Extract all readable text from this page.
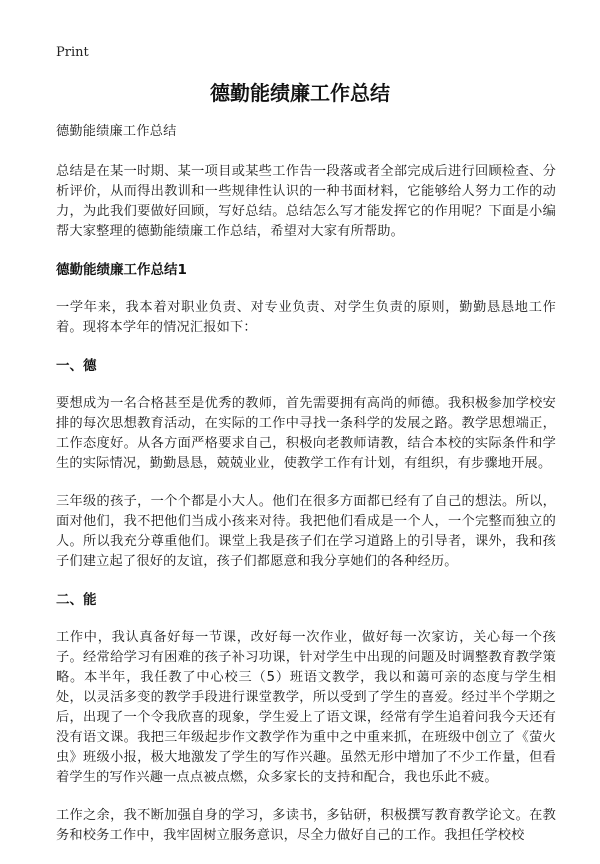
Print
德勤能绩廉工作总结

德勤能绩廉工作总结

总结是在某一时期、某一项目或某些工作告一段落或者全部完成后进行回顾检查、分析评价，从而得出教训和一些规律性认识的一种书面材料，它能够给人努力工作的动力，为此我们要做好回顾，写好总结。总结怎么写才能发挥它的作用呢？下面是小编帮大家整理的德勤能绩廉工作总结，希望对大家有所帮助。

德勤能绩廉工作总结1

一学年来，我本着对职业负责、对专业负责、对学生负责的原则，勤勤恳恳地工作着。现将本学年的情况汇报如下：

一、德

要想成为一名合格甚至是优秀的教师，首先需要拥有高尚的师德。我积极参加学校安排的每次思想教育活动，在实际的工作中寻找一条科学的发展之路。教学思想端正，工作态度好。从各方面严格要求自己，积极向老教师请教，结合本校的实际条件和学生的实际情况，勤勤恳恳，兢兢业业，使教学工作有计划，有组织，有步骤地开展。

三年级的孩子，一个个都是小大人。他们在很多方面都已经有了自己的想法。所以，面对他们，我不把他们当成小孩来对待。我把他们看成是一个人，一个完整而独立的人。所以我充分尊重他们。课堂上我是孩子们在学习道路上的引导者，课外，我和孩子们建立起了很好的友谊，孩子们都愿意和我分享她们的各种经历。

二、能

工作中，我认真备好每一节课，改好每一次作业，做好每一次家访，关心每一个孩子。经常给学习有困难的孩子补习功课，针对学生中出现的问题及时调整教育教学策略。本半年，我任教了中心校三（5）班语文教学，我以和蔼可亲的态度与学生相处，以灵活多变的教学手段进行课堂教学，所以受到了学生的喜爱。经过半个学期之后，出现了一个令我欣喜的现象，学生爱上了语文课，经常有学生追着问我今天还有没有语文课。我把三年级起步作文教学作为重中之中重来抓，在班级中创立了《萤火虫》班级小报，极大地激发了学生的写作兴趣。虽然无形中增加了不少工作量，但看着学生的写作兴趣一点点被点燃，众多家长的支持和配合，我也乐此不疲。

工作之余，我不断加强自身的学习，多读书，多钻研，积极撰写教育教学论文。在教务和校务工作中，我牢固树立服务意识，尽全力做好自己的工作。我担任学校校
